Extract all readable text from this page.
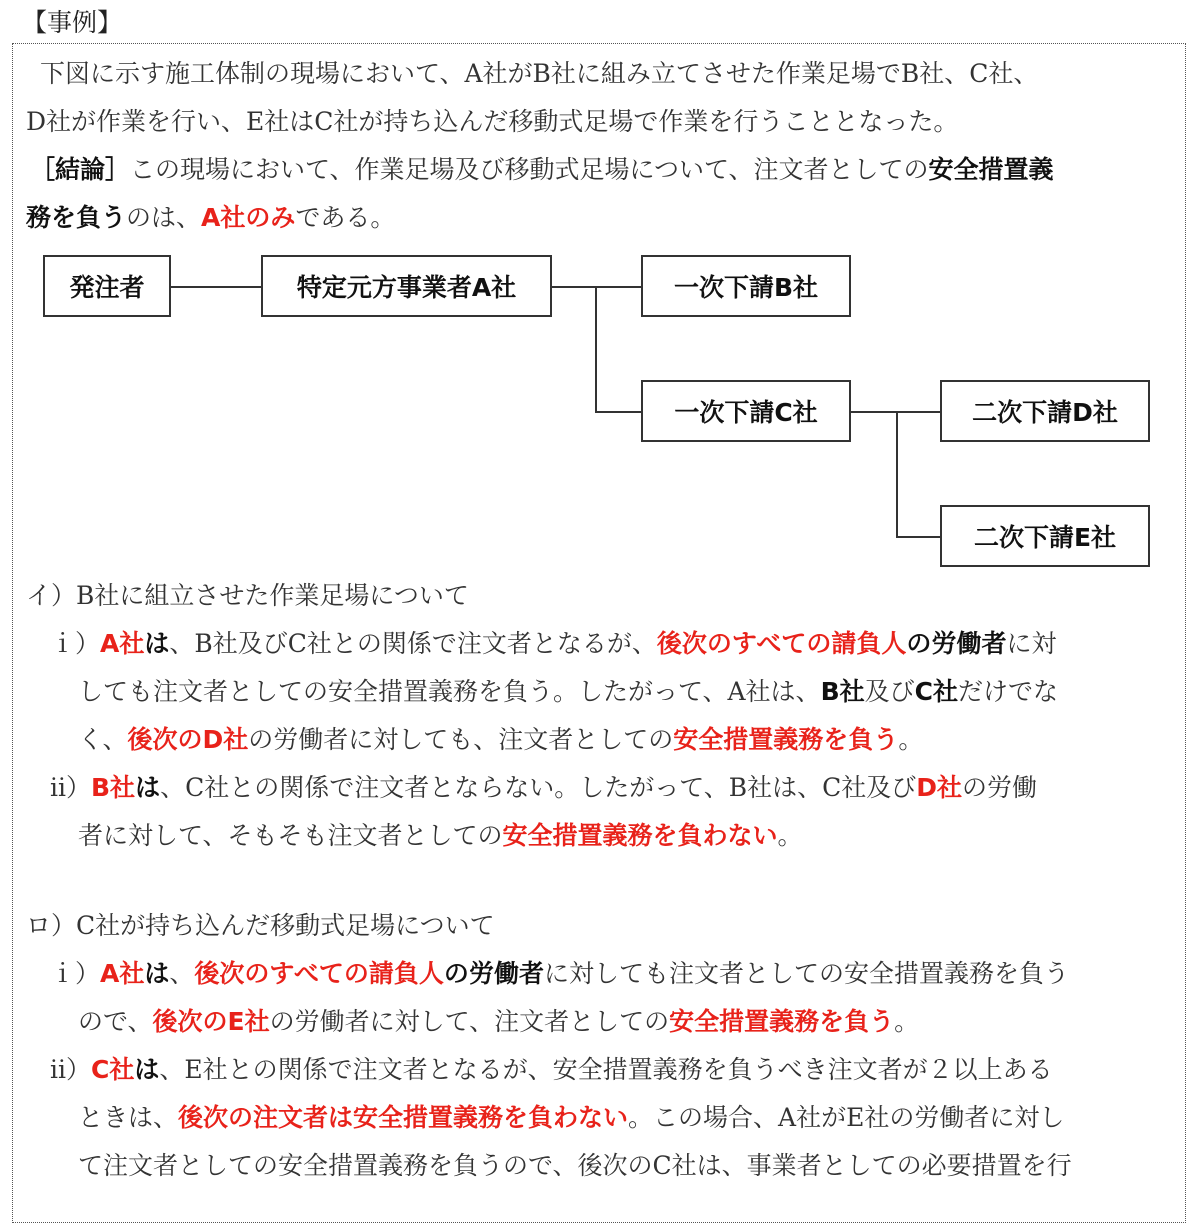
【事例】

下図に示す施工体制の現場において、A社がB社に組み立てさせた作業足場でB社、C社、

D社が作業を行い、E社はC社が持ち込んだ移動式足場で作業を行うこととなった。

［結論］この現場において、作業足場及び移動式足場について、注文者としての安全措置義

務を負うのは、A社のみである。

発注者	特定元方事業者A社	一次下請B社
一次下請C社	二次下請D社
二次下請E社

イ）B社に組立させた作業足場について

ｉ）A社は、B社及びC社との関係で注文者となるが、後次のすべての請負人の労働者に対

しても注文者としての安全措置義務を負う。したがって、A社は、B社及びC社だけでな

く、後次のD社の労働者に対しても、注文者としての安全措置義務を負う。

ⅱ）B社は、C社との関係で注文者とならない。したがって、B社は、C社及びD社の労働

者に対して、そもそも注文者としての安全措置義務を負わない。

ロ）C社が持ち込んだ移動式足場について

ｉ）A社は、後次のすべての請負人の労働者に対しても注文者としての安全措置義務を負う

ので、後次のE社の労働者に対して、注文者としての安全措置義務を負う。

ⅱ）C社は、E社との関係で注文者となるが、安全措置義務を負うべき注文者が２以上ある

ときは、後次の注文者は安全措置義務を負わない。この場合、A社がE社の労働者に対し

て注文者としての安全措置義務を負うので、後次のC社は、事業者としての必要措置を行
